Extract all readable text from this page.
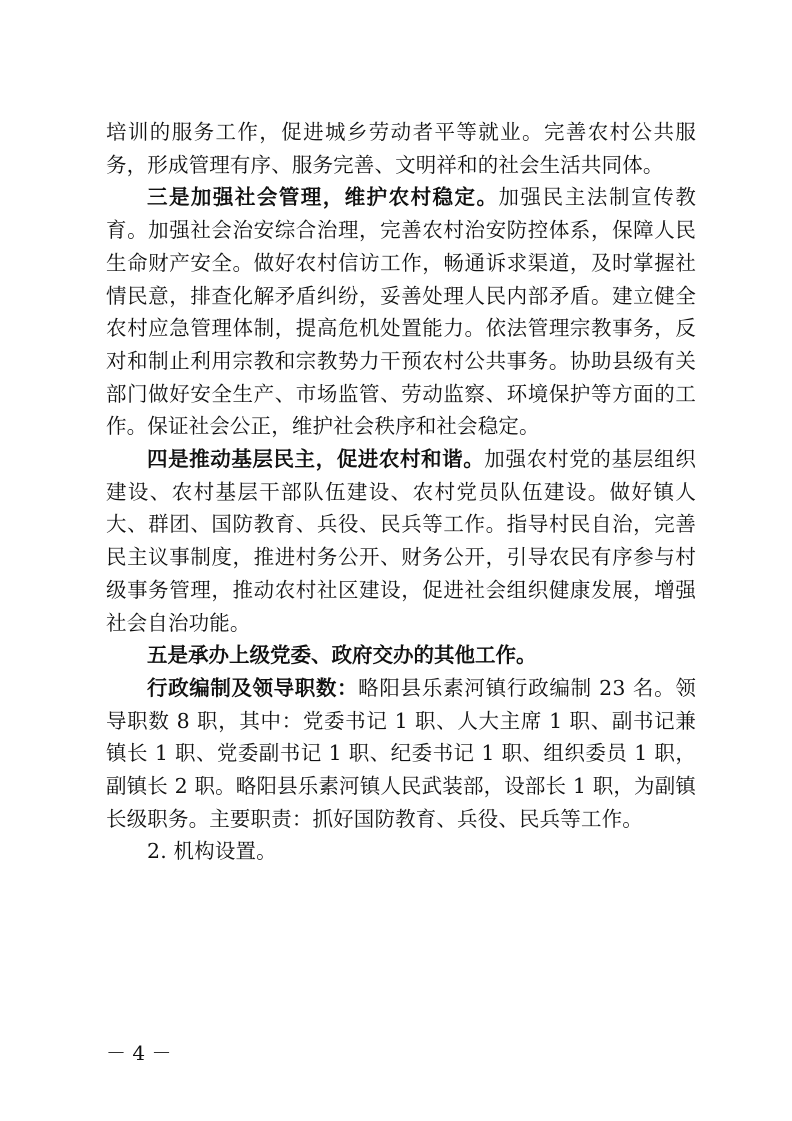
培训的服务工作，促进城乡劳动者平等就业。完善农村公共服务，形成管理有序、服务完善、文明祥和的社会生活共同体。

三是加强社会管理，维护农村稳定。加强民主法制宣传教育。加强社会治安综合治理，完善农村治安防控体系，保障人民生命财产安全。做好农村信访工作，畅通诉求渠道，及时掌握社情民意，排查化解矛盾纠纷，妥善处理人民内部矛盾。建立健全农村应急管理体制，提高危机处置能力。依法管理宗教事务，反对和制止利用宗教和宗教势力干预农村公共事务。协助县级有关部门做好安全生产、市场监管、劳动监察、环境保护等方面的工作。保证社会公正，维护社会秩序和社会稳定。

四是推动基层民主，促进农村和谐。加强农村党的基层组织建设、农村基层干部队伍建设、农村党员队伍建设。做好镇人大、群团、国防教育、兵役、民兵等工作。指导村民自治，完善民主议事制度，推进村务公开、财务公开，引导农民有序参与村级事务管理，推动农村社区建设，促进社会组织健康发展，增强社会自治功能。

五是承办上级党委、政府交办的其他工作。

行政编制及领导职数：略阳县乐素河镇行政编制 23 名。领导职数 8 职，其中：党委书记 1 职、人大主席 1 职、副书记兼镇长 1 职、党委副书记 1 职、纪委书记 1 职、组织委员 1 职，副镇长 2 职。略阳县乐素河镇人民武装部，设部长 1 职，为副镇长级职务。主要职责：抓好国防教育、兵役、民兵等工作。

2. 机构设置。

－ 4 －
